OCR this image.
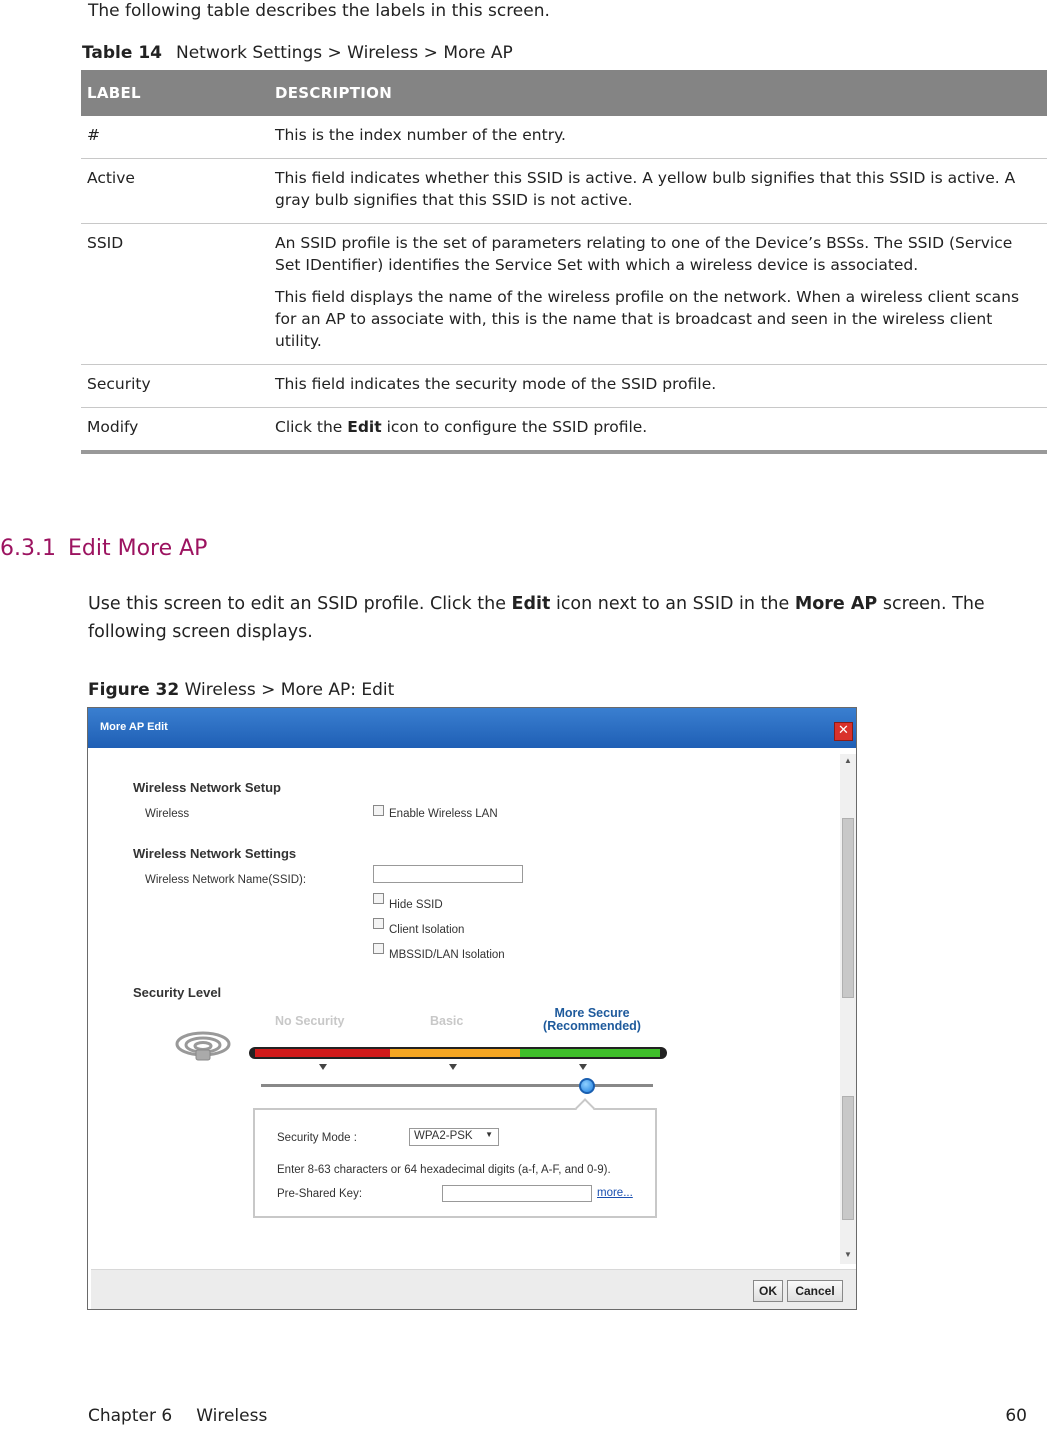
The following table describes the labels in this screen.
Table 14 Network Settings > Wireless > More AP
LABEL	DESCRIPTION
#	This is the index number of the entry.

Active	This field indicates whether this SSID is active. A yellow bulb signifies that this SSID is active. A gray bulb signifies that this SSID is not active.

SSID	An SSID profile is the set of parameters relating to one of the Device’s BSSs. The SSID (Service Set IDentifier) identifies the Service Set with which a wireless device is associated.

This field displays the name of the wireless profile on the network. When a wireless client scans for an AP to associate with, this is the name that is broadcast and seen in the wireless client utility.

Security	This field indicates the security mode of the SSID profile.

Modify	Click the Edit icon to configure the SSID profile.

6.3.1 Edit More AP
Use this screen to edit an SSID profile. Click the Edit icon next to an SSID in the More AP screen. The following screen displays.
Figure 32 Wireless > More AP: Edit
More AP Edit	✕
Wireless Network Setup
Wireless	Enable Wireless LAN
Wireless Network Settings
Wireless Network Name(SSID):
Hide SSID
Client Isolation
MBSSID/LAN Isolation
Security Level
No Security	Basic
More Secure
(Recommended)
Security Mode :	WPA2-PSK ▼
Enter 8-63 characters or 64 hexadecimal digits (a-f, A-F, and 0-9).
Pre-Shared Key:	more...
▲
▼
OK	Cancel
Chapter 6 Wireless	60
